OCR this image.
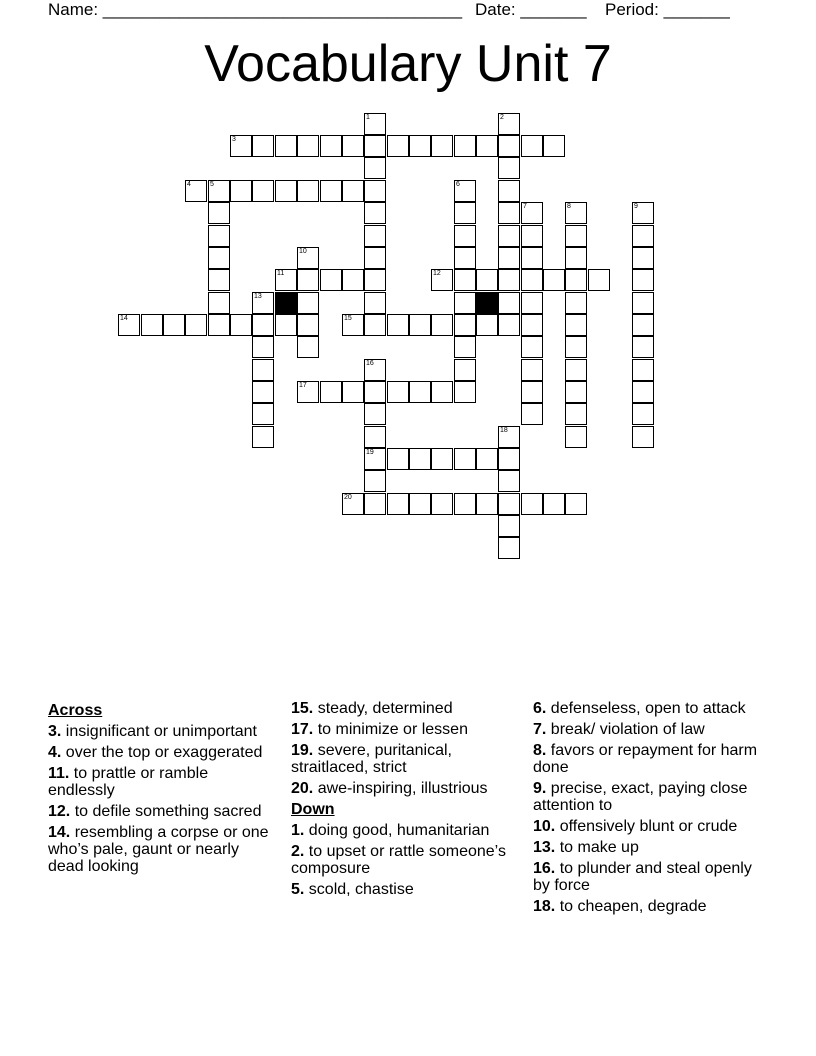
Name: ______________________________________ Date: _______ Period: _______
Vocabulary Unit 7
1	2
3
4	5	6
7	8	9
10
11	12
13
14	15
16
17
18
19
20
Across
3. insignificant or unimportant
4. over the top or exaggerated
11. to prattle or ramble endlessly
12. to defile something sacred
14. resembling a corpse or one who’s pale, gaunt or nearly dead looking
15. steady, determined
17. to minimize or lessen
19. severe, puritanical, straitlaced, strict
20. awe-inspiring, illustrious
Down
1. doing good, humanitarian
2. to upset or rattle someone’s composure
5. scold, chastise
6. defenseless, open to attack
7. break/ violation of law
8. favors or repayment for harm done
9. precise, exact, paying close attention to
10. offensively blunt or crude
13. to make up
16. to plunder and steal openly by force
18. to cheapen, degrade
